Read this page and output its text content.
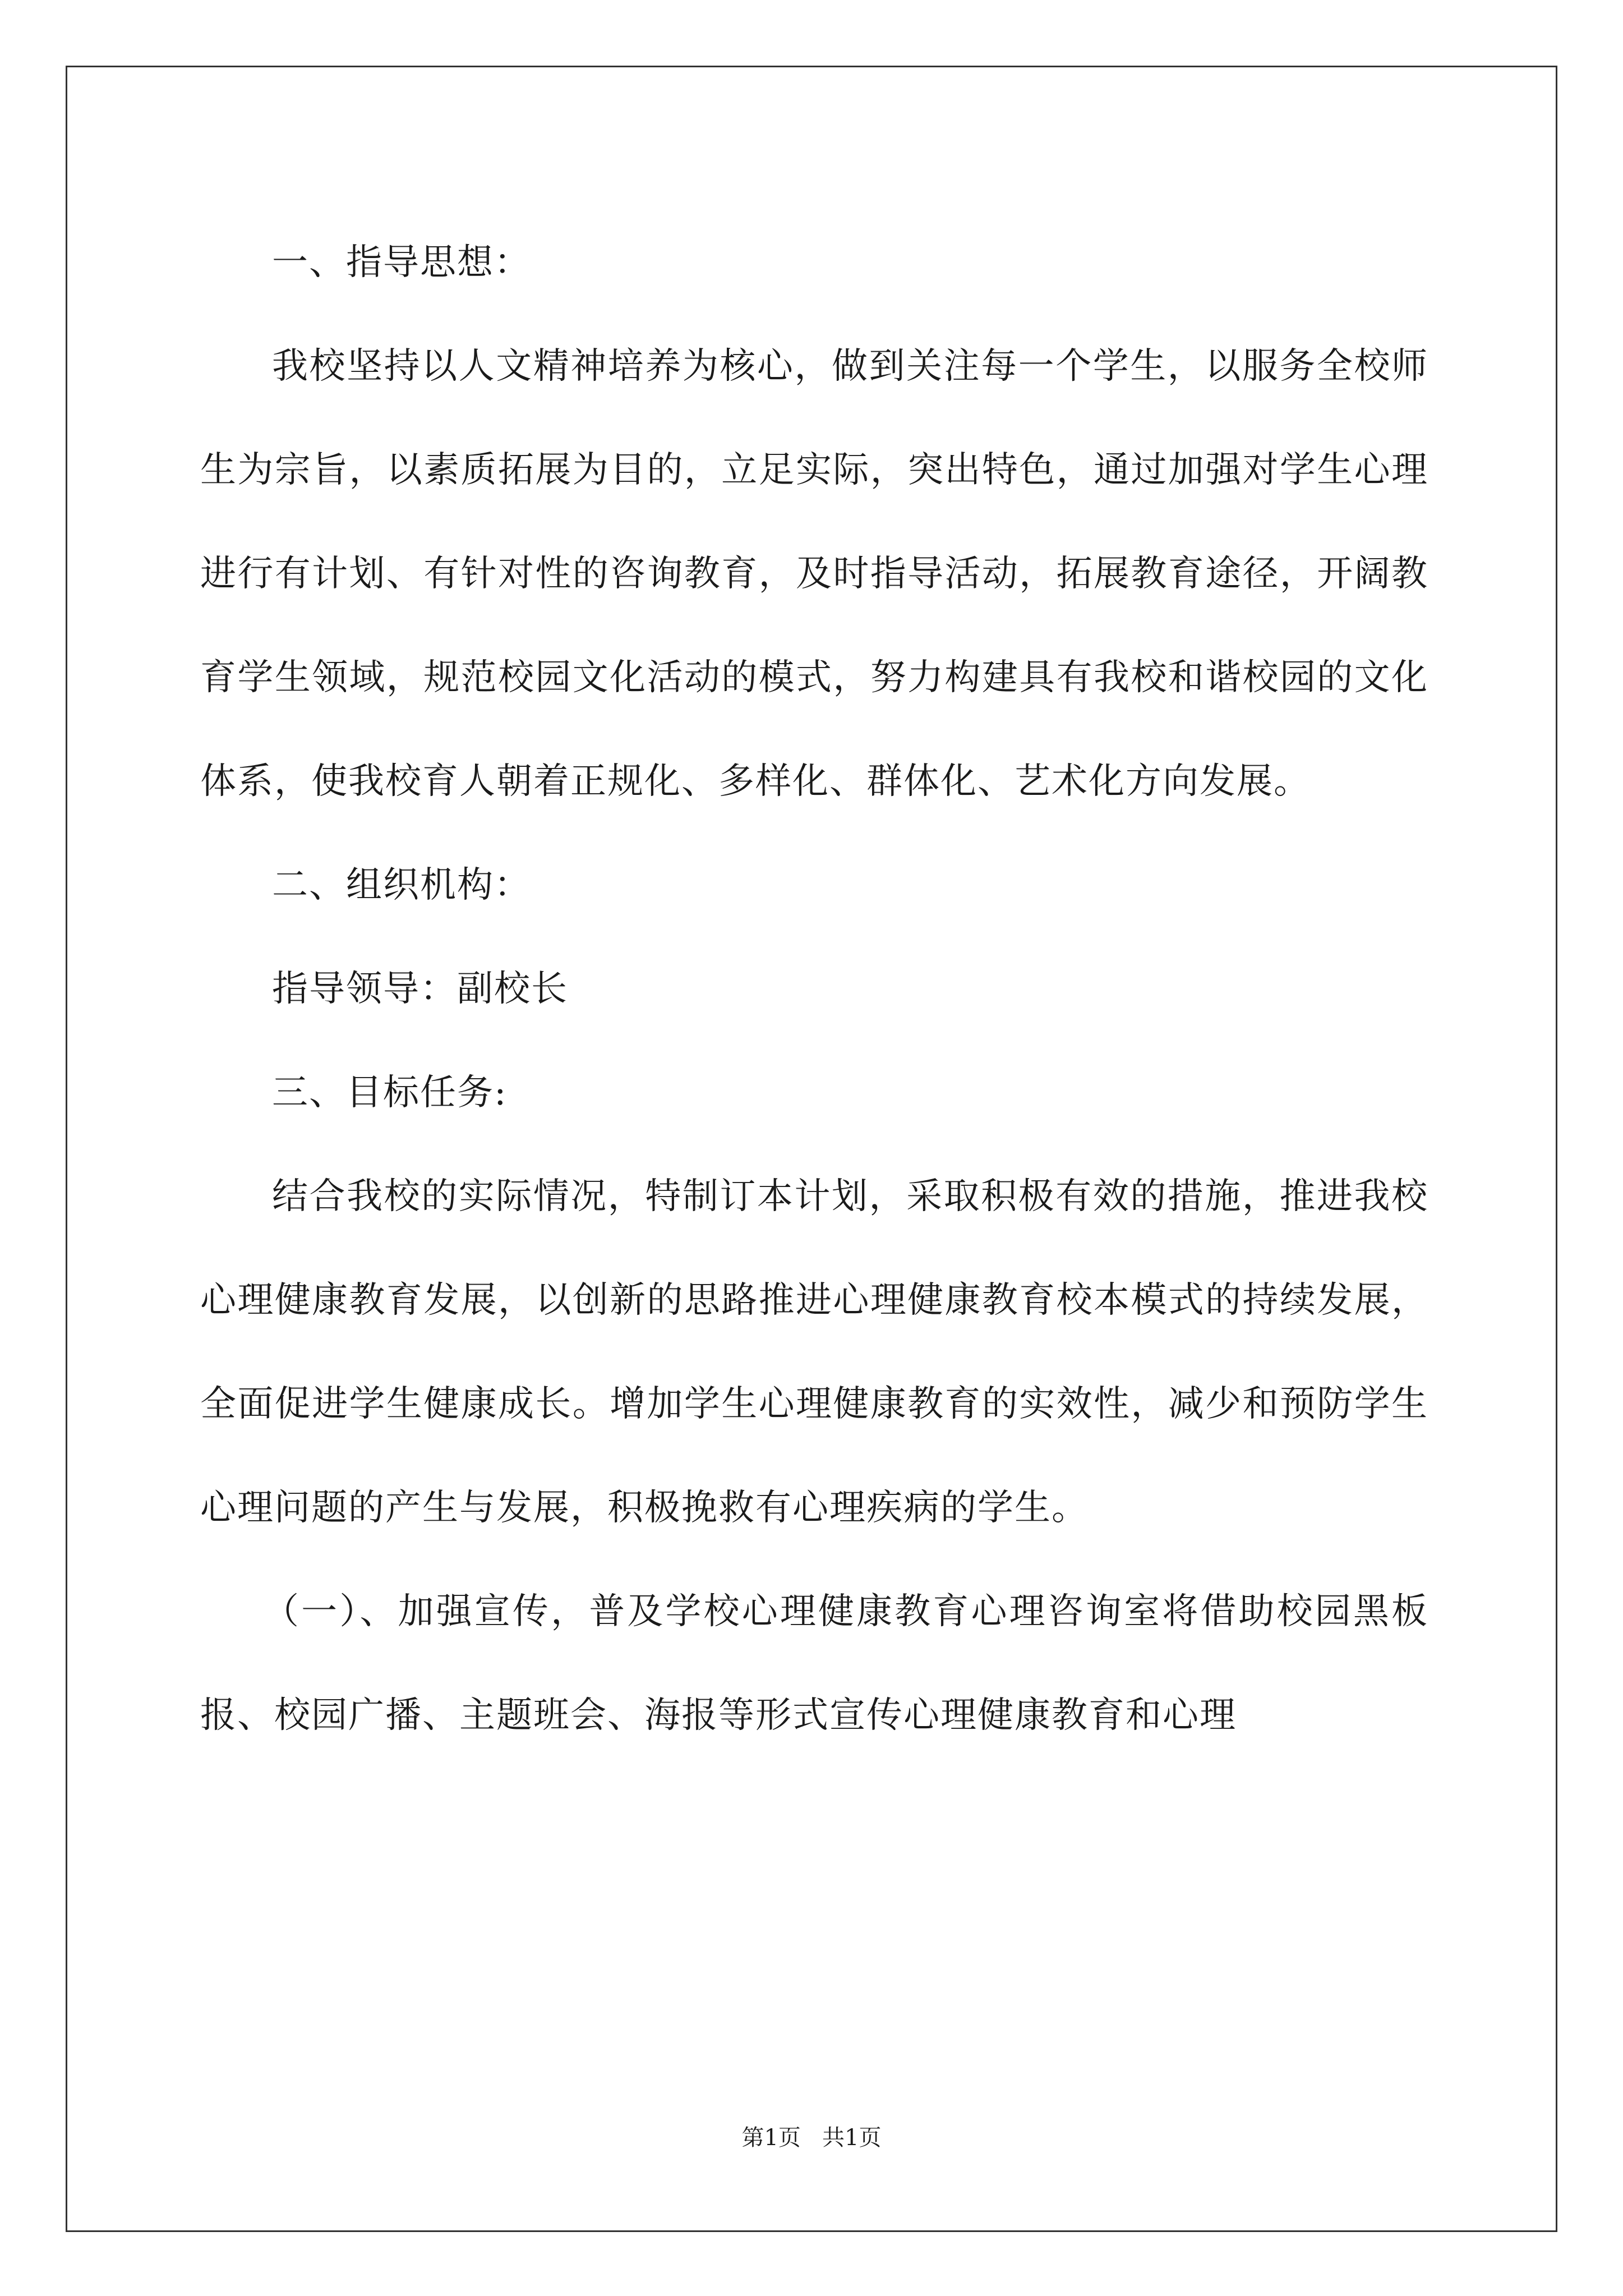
一、指导思想：

我校坚持以人文精神培养为核心，做到关注每一个学生，以服务全校师生为宗旨，以素质拓展为目的，立足实际，突出特色，通过加强对学生心理进行有计划、有针对性的咨询教育，及时指导活动，拓展教育途径，开阔教育学生领域，规范校园文化活动的模式，努力构建具有我校和谐校园的文化体系，使我校育人朝着正规化、多样化、群体化、艺术化方向发展。

二、组织机构：

指导领导：副校长

三、目标任务:

结合我校的实际情况，特制订本计划，采取积极有效的措施，推进我校心理健康教育发展，以创新的思路推进心理健康教育校本模式的持续发展，全面促进学生健康成长。增加学生心理健康教育的实效性，减少和预防学生心理问题的产生与发展，积极挽救有心理疾病的学生。

（一）、加强宣传，普及学校心理健康教育心理咨询室将借助校园黑板报、校园广播、主题班会、海报等形式宣传心理健康教育和心理

第1页   共1页
